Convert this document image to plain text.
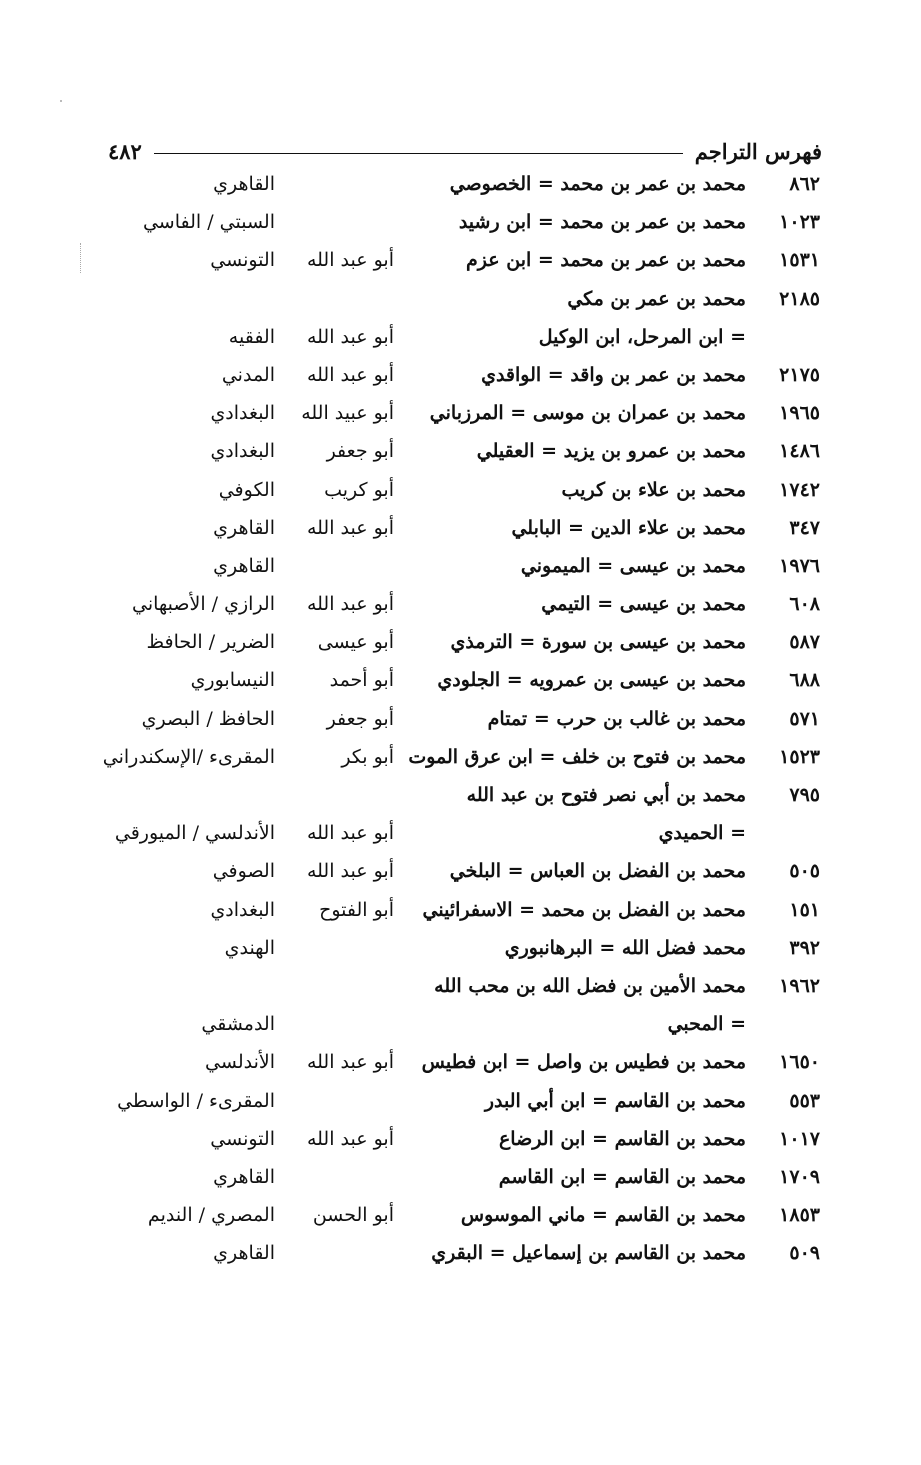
فهرس التراجم
٤٨٢
٨٦٢
محمد بن عمر بن محمد = الخصوصي
القاهري
١٠٢٣
محمد بن عمر بن محمد = ابن رشيد
السبتي / الفاسي
١٥٣١
محمد بن عمر بن محمد = ابن عزم
أبو عبد الله
التونسي
٢١٨٥
محمد بن عمر بن مكي
= ابن المرحل، ابن الوكيل
أبو عبد الله
الفقيه
٢١٧٥
محمد بن عمر بن واقد = الواقدي
أبو عبد الله
المدني
١٩٦٥
محمد بن عمران بن موسى = المرزباني
أبو عبيد الله
البغدادي
١٤٨٦
محمد بن عمرو بن يزيد = العقيلي
أبو جعفر
البغدادي
١٧٤٢
محمد بن علاء بن كريب
أبو كريب
الكوفي
٣٤٧
محمد بن علاء الدين = البابلي
أبو عبد الله
القاهري
١٩٧٦
محمد بن عيسى = الميموني
القاهري
٦٠٨
محمد بن عيسى = التيمي
أبو عبد الله
الرازي / الأصبهاني
٥٨٧
محمد بن عيسى بن سورة = الترمذي
أبو عيسى
الضرير / الحافظ
٦٨٨
محمد بن عيسى بن عمرويه = الجلودي
أبو أحمد
النيسابوري
٥٧١
محمد بن غالب بن حرب = تمتام
أبو جعفر
الحافظ / البصري
١٥٢٣
محمد بن فتوح بن خلف = ابن عرق الموت
أبو بكر
المقرىء /الإسكندراني
٧٩٥
محمد بن أبي نصر فتوح بن عبد الله
= الحميدي
أبو عبد الله
الأندلسي / الميورقي
٥٠٥
محمد بن الفضل بن العباس = البلخي
أبو عبد الله
الصوفي
١٥١
محمد بن الفضل بن محمد = الاسفرائيني
أبو الفتوح
البغدادي
٣٩٢
محمد فضل الله = البرهانبوري
الهندي
١٩٦٢
محمد الأمين بن فضل الله بن محب الله
= المحبي
الدمشقي
١٦٥٠
محمد بن فطيس بن واصل = ابن فطيس
أبو عبد الله
الأندلسي
٥٥٣
محمد بن القاسم = ابن أبي البدر
المقرىء / الواسطي
١٠١٧
محمد بن القاسم = ابن الرضاع
أبو عبد الله
التونسي
١٧٠٩
محمد بن القاسم = ابن القاسم
القاهري
١٨٥٣
محمد بن القاسم = ماني الموسوس
أبو الحسن
المصري / النديم
٥٠٩
محمد بن القاسم بن إسماعيل = البقري
القاهري
